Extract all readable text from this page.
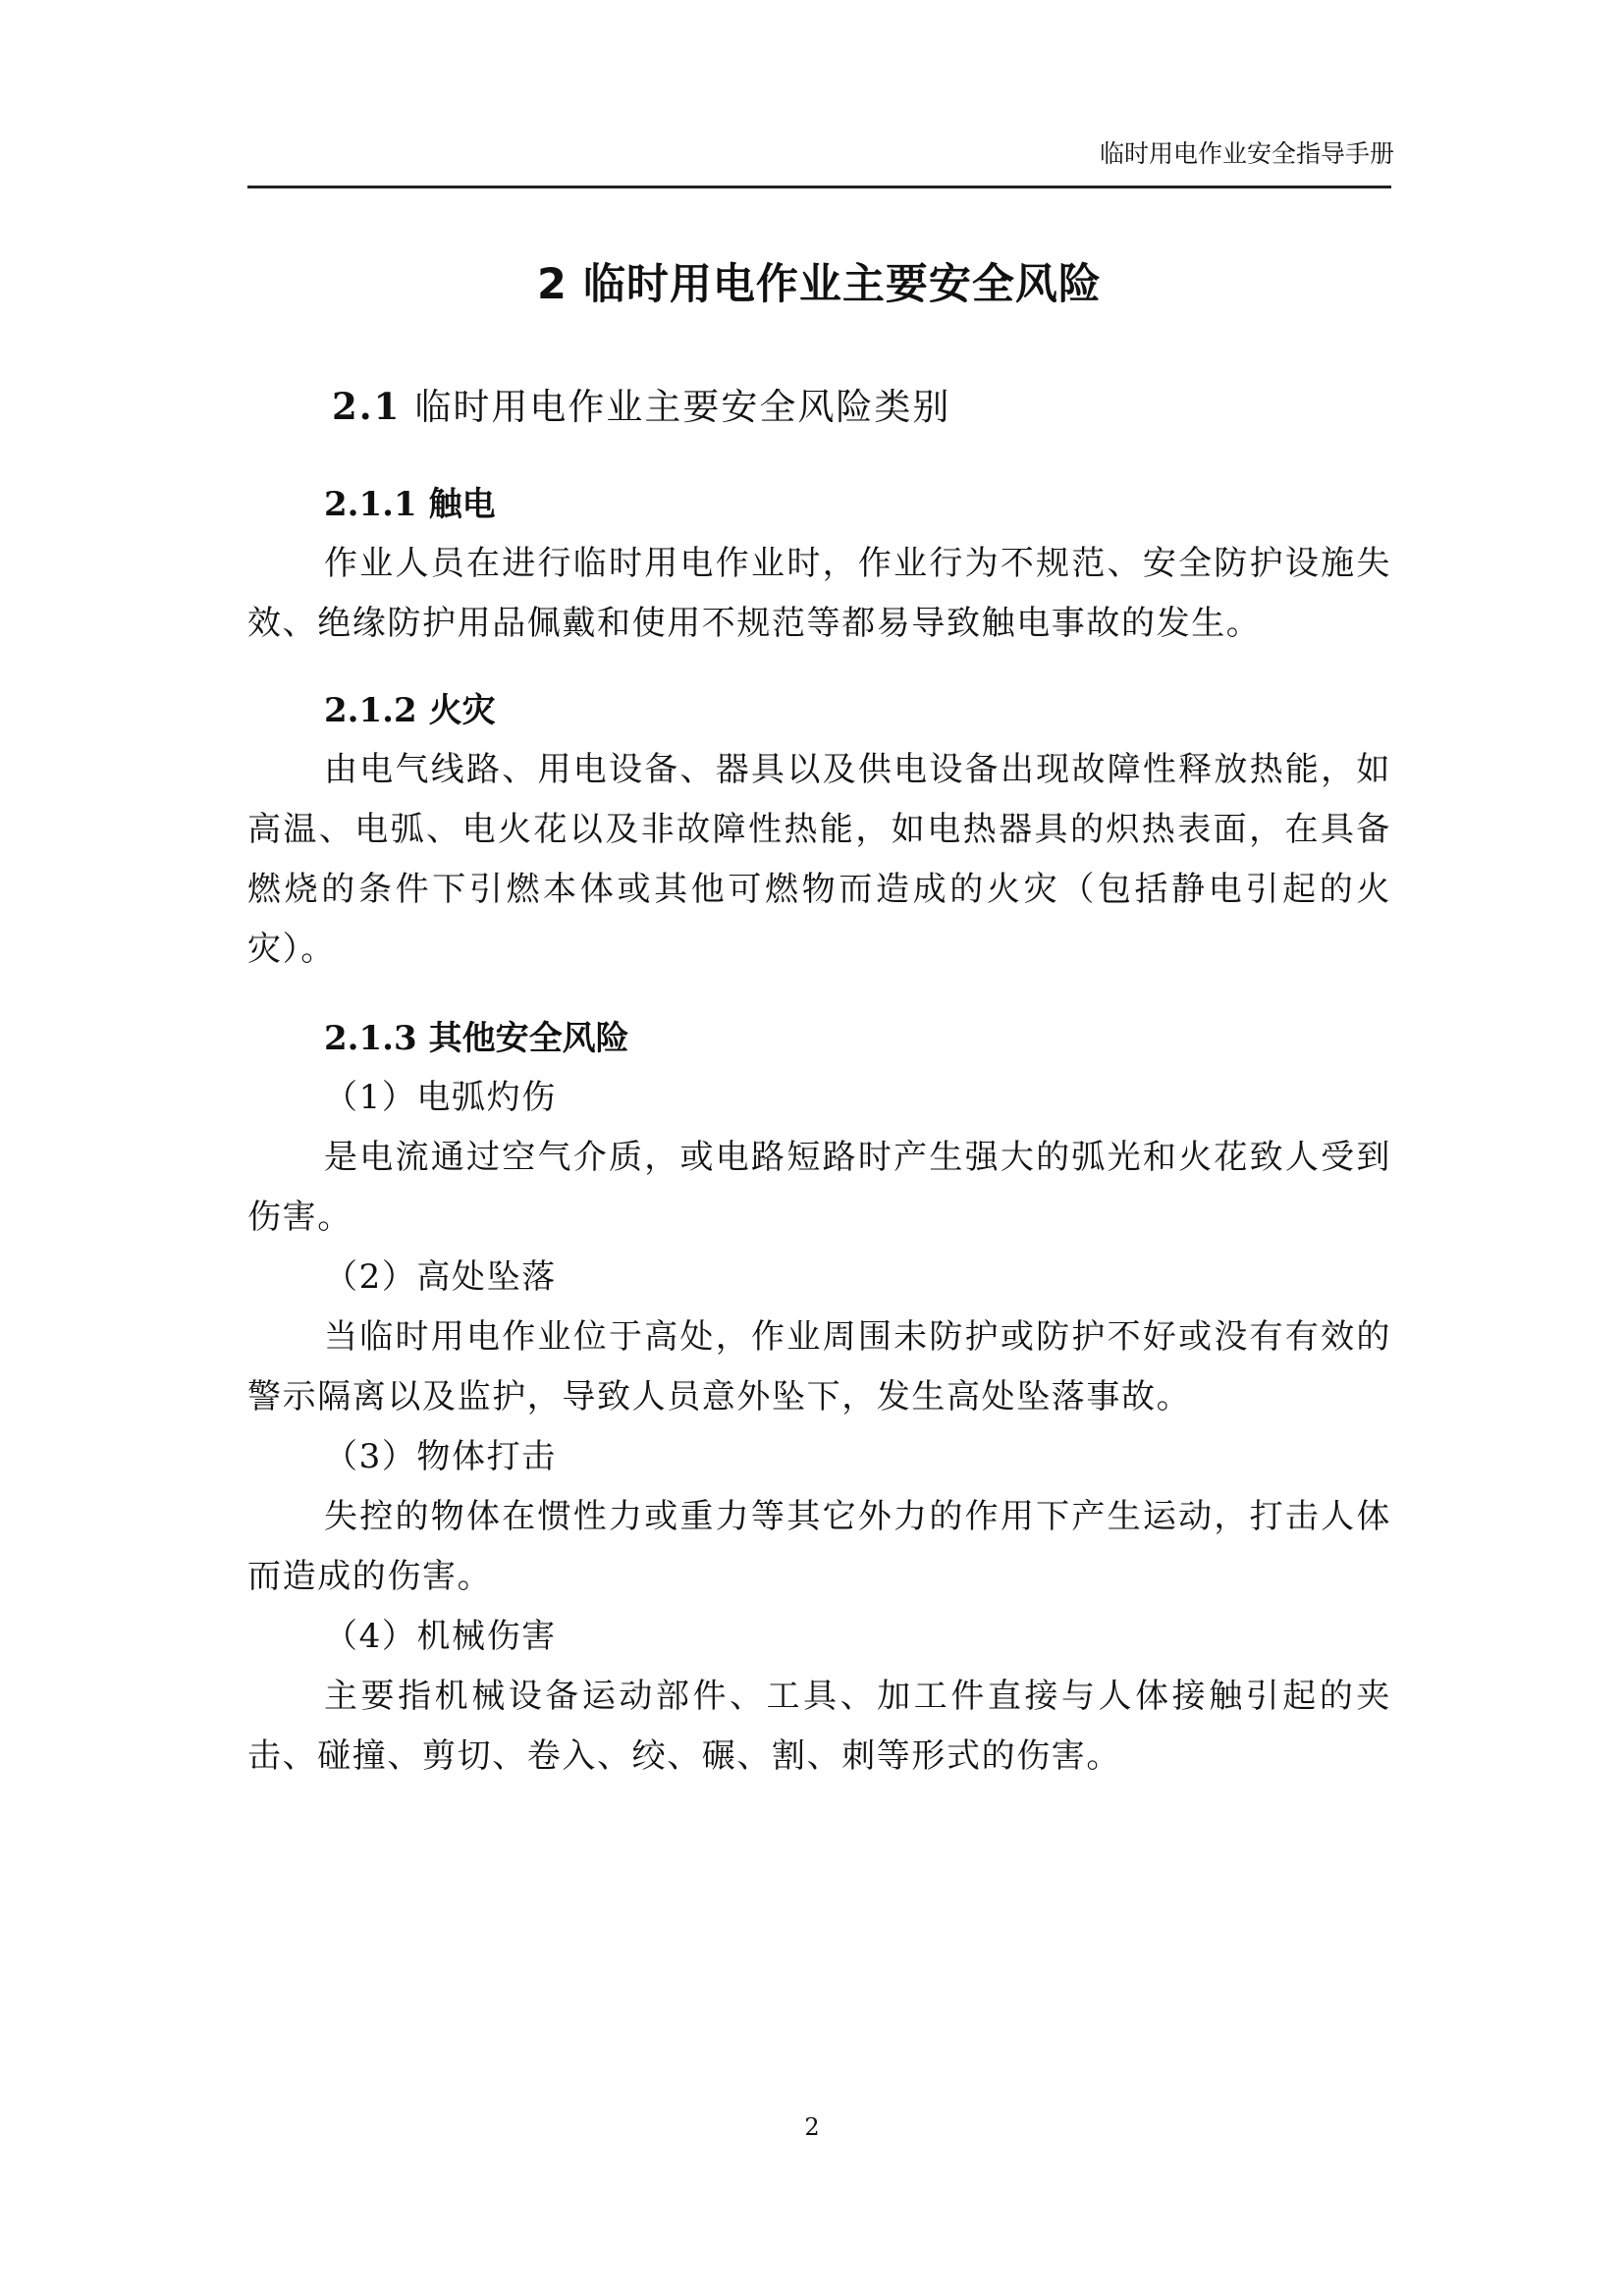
临时用电作业安全指导手册
2 临时用电作业主要安全风险
2.1 临时用电作业主要安全风险类别
2.1.1 触电

作业人员在进行临时用电作业时，作业行为不规范、安全防护设施失效、绝缘防护用品佩戴和使用不规范等都易导致触电事故的发生。

2.1.2 火灾

由电气线路、用电设备、器具以及供电设备出现故障性释放热能，如高温、电弧、电火花以及非故障性热能，如电热器具的炽热表面，在具备燃烧的条件下引燃本体或其他可燃物而造成的火灾（包括静电引起的火灾）。

2.1.3 其他安全风险

（1）电弧灼伤

是电流通过空气介质，或电路短路时产生强大的弧光和火花致人受到伤害。

（2）高处坠落

当临时用电作业位于高处，作业周围未防护或防护不好或没有有效的警示隔离以及监护，导致人员意外坠下，发生高处坠落事故。

（3）物体打击

失控的物体在惯性力或重力等其它外力的作用下产生运动，打击人体而造成的伤害。

（4）机械伤害

主要指机械设备运动部件、工具、加工件直接与人体接触引起的夹击、碰撞、剪切、卷入、绞、碾、割、刺等形式的伤害。

2
